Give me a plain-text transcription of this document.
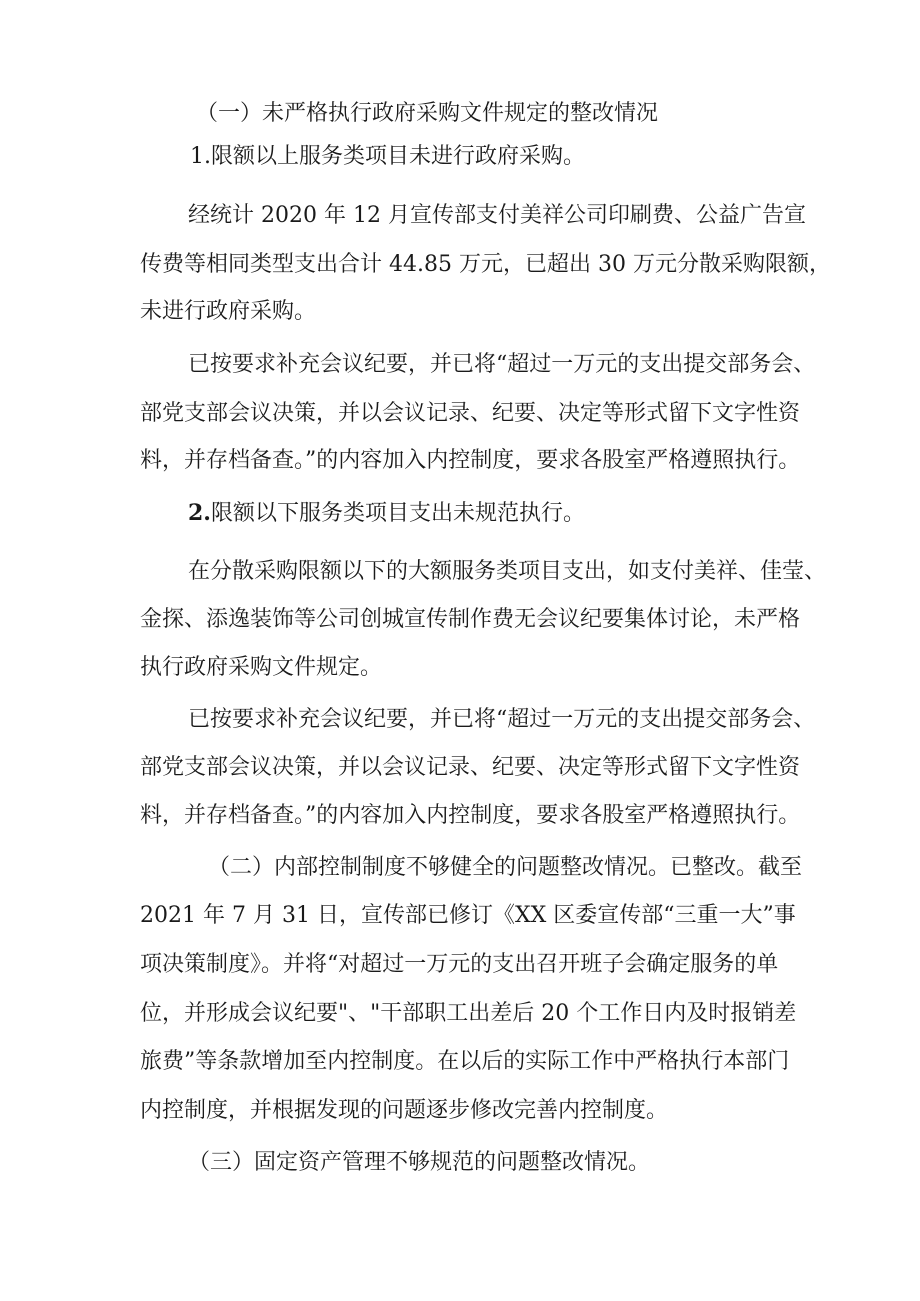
（一）未严格执行政府采购文件规定的整改情况
1.限额以上服务类项目未进行政府采购。
经统计 2020 年 12 月宣传部支付美祥公司印刷费、公益广告宣
传费等相同类型支出合计 44.85 万元，已超出 30 万元分散采购限额，
未进行政府采购。
已按要求补充会议纪要，并已将“超过一万元的支出提交部务会、
部党支部会议决策，并以会议记录、纪要、决定等形式留下文字性资
料，并存档备查。”的内容加入内控制度，要求各股室严格遵照执行。
2.限额以下服务类项目支出未规范执行。
在分散采购限额以下的大额服务类项目支出，如支付美祥、佳莹、
金探、添逸装饰等公司创城宣传制作费无会议纪要集体讨论，未严格
执行政府采购文件规定。
已按要求补充会议纪要，并已将“超过一万元的支出提交部务会、
部党支部会议决策，并以会议记录、纪要、决定等形式留下文字性资
料，并存档备查。”的内容加入内控制度，要求各股室严格遵照执行。
（二）内部控制制度不够健全的问题整改情况。已整改。截至
2021 年 7 月 31 日，宣传部已修订《XX 区委宣传部“三重一大”事
项决策制度》。并将“对超过一万元的支出召开班子会确定服务的单
位，并形成会议纪要"、"干部职工出差后 20 个工作日内及时报销差
旅费”等条款增加至内控制度。在以后的实际工作中严格执行本部门
内控制度，并根据发现的问题逐步修改完善内控制度。
（三）固定资产管理不够规范的问题整改情况。
